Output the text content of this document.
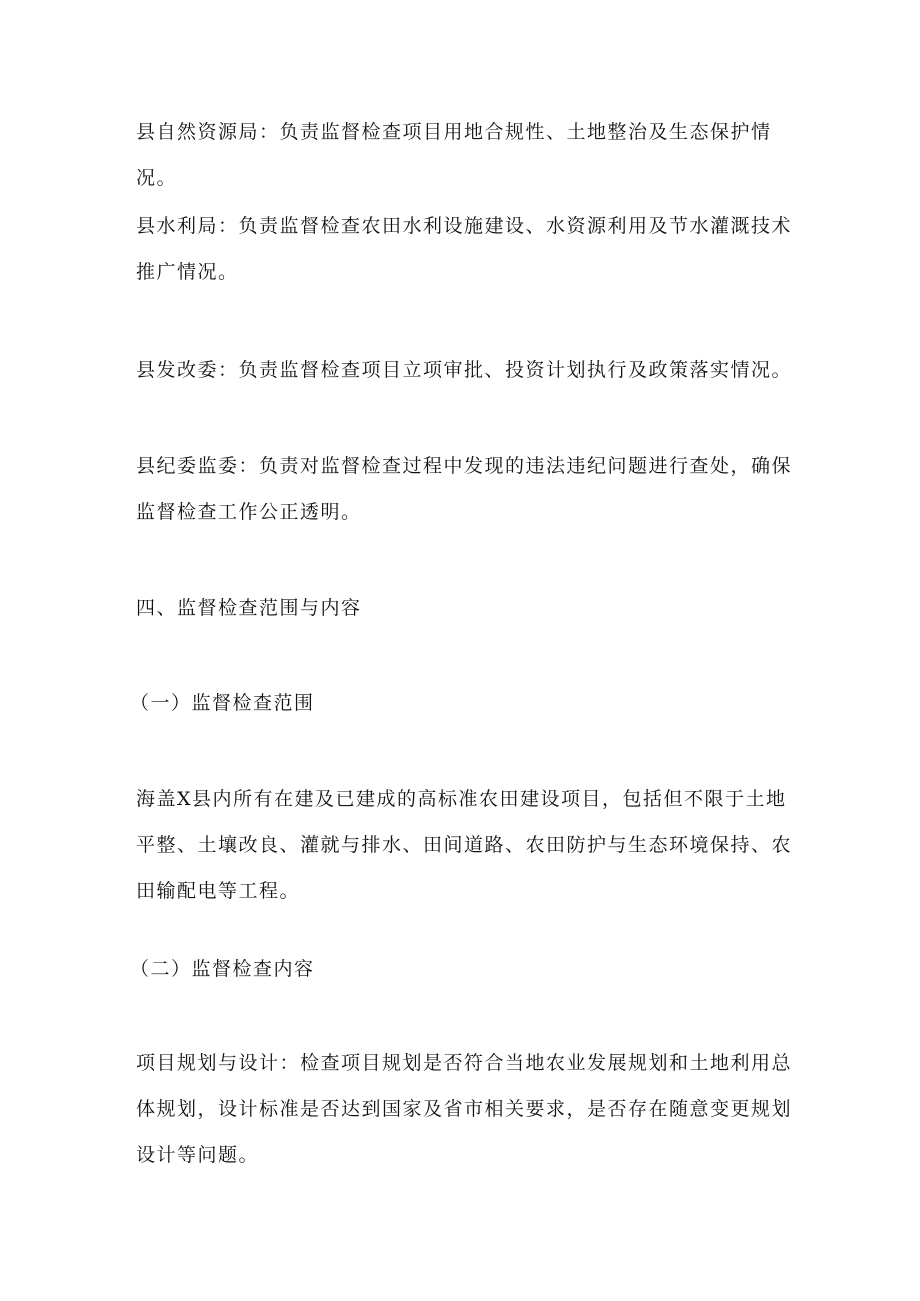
县自然资源局：负责监督检查项目用地合规性、土地整治及生态保护情况。

县水利局：负责监督检查农田水利设施建设、水资源利用及节水灌溉技术推广情况。

县发改委：负责监督检查项目立项审批、投资计划执行及政策落实情况。

县纪委监委：负责对监督检查过程中发现的违法违纪问题进行查处，确保监督检查工作公正透明。

四、监督检查范围与内容
（一）监督检查范围

海盖X县内所有在建及已建成的高标准农田建设项目，包括但不限于土地平整、土壤改良、灌就与排水、田间道路、农田防护与生态环境保持、农田输配电等工程。

（二）监督检查内容

项目规划与设计：检查项目规划是否符合当地农业发展规划和土地利用总体规划，设计标准是否达到国家及省市相关要求，是否存在随意变更规划设计等问题。
